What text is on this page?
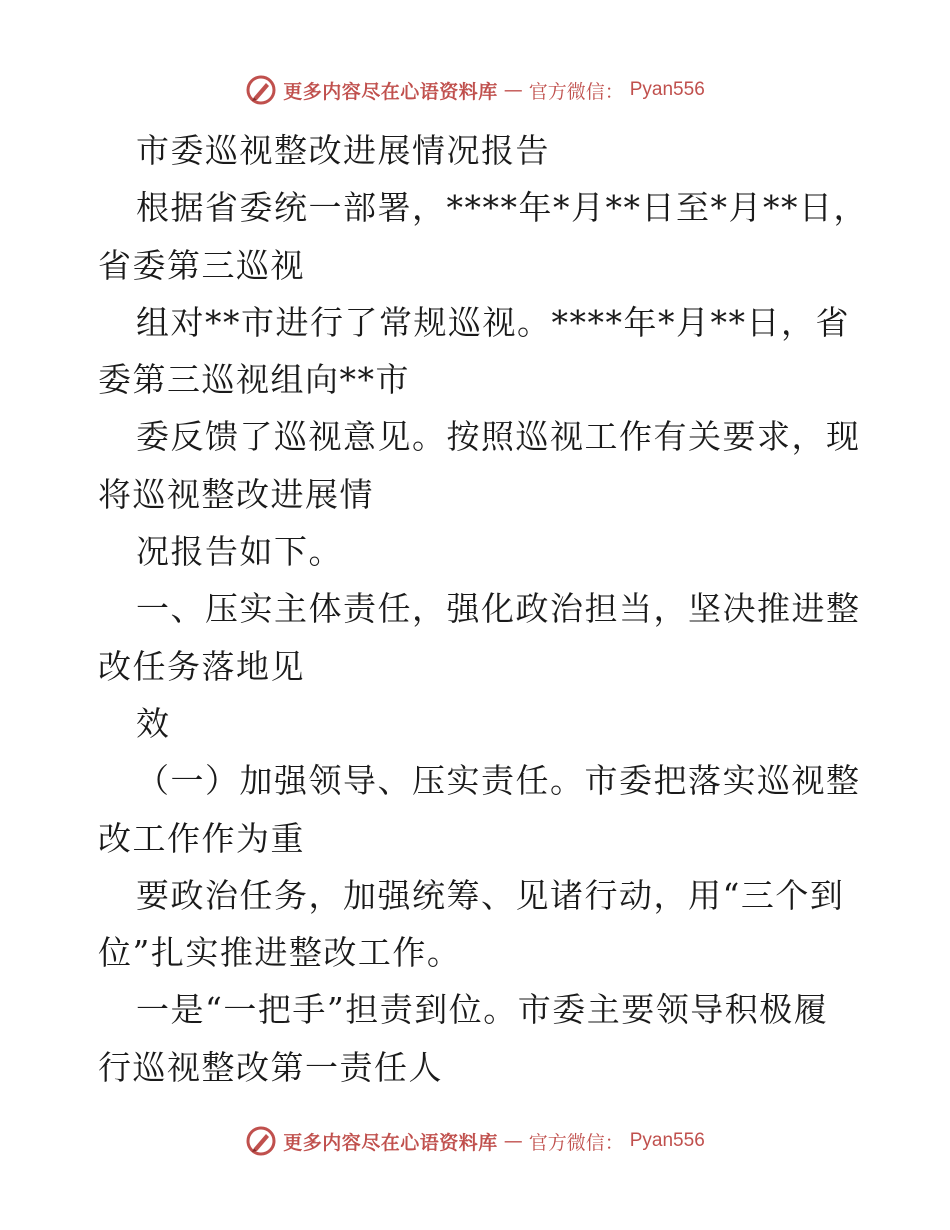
更多内容尽在心语资料库 — 官方微信： Pyan556
市委巡视整改进展情况报告
根据省委统一部署，****年*月**日至*月**日，
省委第三巡视
组对**市进行了常规巡视。****年*月**日，省
委第三巡视组向**市
委反馈了巡视意见。按照巡视工作有关要求，现
将巡视整改进展情
况报告如下。
一、压实主体责任，强化政治担当，坚决推进整
改任务落地见
效
（一）加强领导、压实责任。市委把落实巡视整
改工作作为重
要政治任务，加强统筹、见诸行动，用“三个到
位”扎实推进整改工作。
一是“一把手”担责到位。市委主要领导积极履
行巡视整改第一责任人
更多内容尽在心语资料库 — 官方微信： Pyan556
